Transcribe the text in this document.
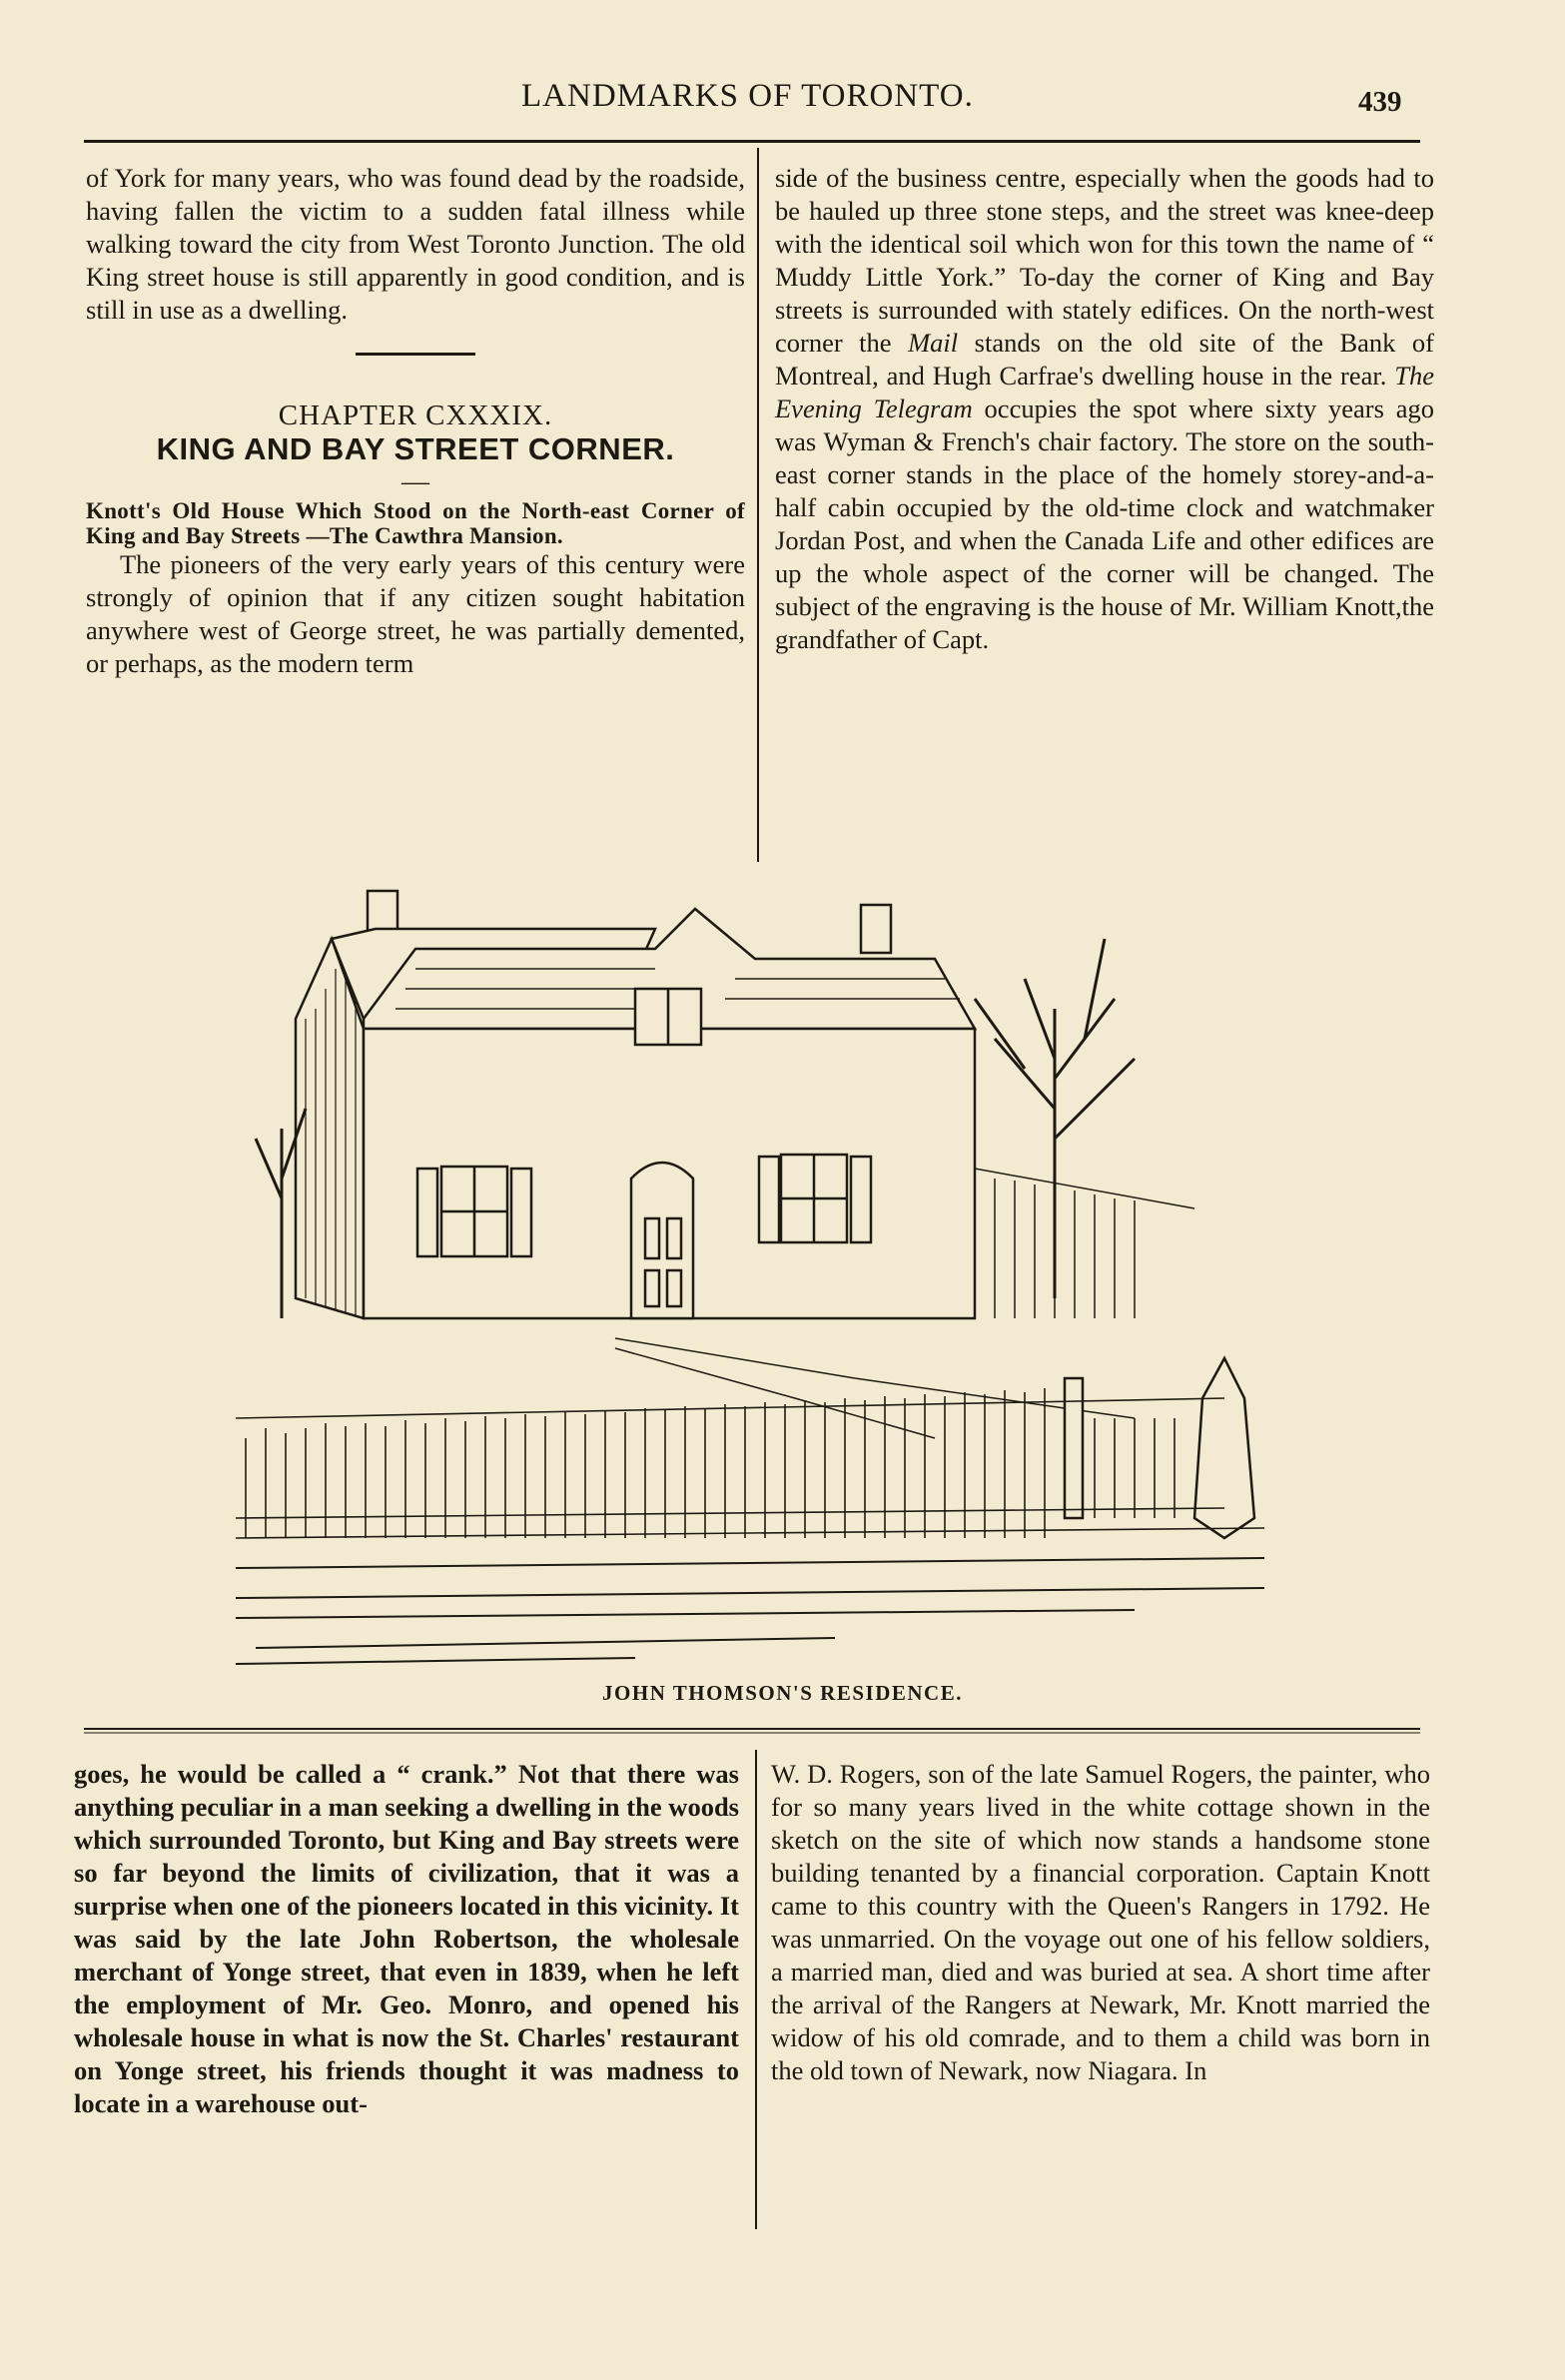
LANDMARKS OF TORONTO.	439

of York for many years, who was found dead by the roadside, having fallen the victim to a sudden fatal illness while walking toward the city from West Toronto Junction. The old King street house is still apparently in good condition, and is still in use as a dwelling.

CHAPTER CXXXIX.

KING AND BAY STREET CORNER.

—

Knott's Old House Which Stood on the North-east Corner of King and Bay Streets —The Cawthra Mansion.

The pioneers of the very early years of this century were strongly of opinion that if any citizen sought habitation anywhere west of George street, he was partially demented, or perhaps, as the modern term

side of the business centre, especially when the goods had to be hauled up three stone steps, and the street was knee-deep with the identical soil which won for this town the name of “ Muddy Little York.” To-day the corner of King and Bay streets is surrounded with stately edifices. On the north-west corner the Mail stands on the old site of the Bank of Montreal, and Hugh Carfrae's dwelling house in the rear. The Evening Telegram occupies the spot where sixty years ago was Wyman & French's chair factory. The store on the south-east corner stands in the place of the homely storey-and-a-half cabin occupied by the old-time clock and watchmaker Jordan Post, and when the Canada Life and other edifices are up the whole aspect of the corner will be changed. The subject of the engraving is the house of Mr. William Knott,the grandfather of Capt.

JOHN THOMSON'S RESIDENCE.

goes, he would be called a “ crank.” Not that there was anything peculiar in a man seeking a dwelling in the woods which surrounded Toronto, but King and Bay streets were so far beyond the limits of civilization, that it was a surprise when one of the pioneers located in this vicinity. It was said by the late John Robertson, the wholesale merchant of Yonge street, that even in 1839, when he left the employment of Mr. Geo. Monro, and opened his wholesale house in what is now the St. Charles' restaurant on Yonge street, his friends thought it was madness to locate in a warehouse out-

W. D. Rogers, son of the late Samuel Rogers, the painter, who for so many years lived in the white cottage shown in the sketch on the site of which now stands a handsome stone building tenanted by a financial corporation. Captain Knott came to this country with the Queen's Rangers in 1792. He was unmarried. On the voyage out one of his fellow soldiers, a married man, died and was buried at sea. A short time after the arrival of the Rangers at Newark, Mr. Knott married the widow of his old comrade, and to them a child was born in the old town of Newark, now Niagara. In
